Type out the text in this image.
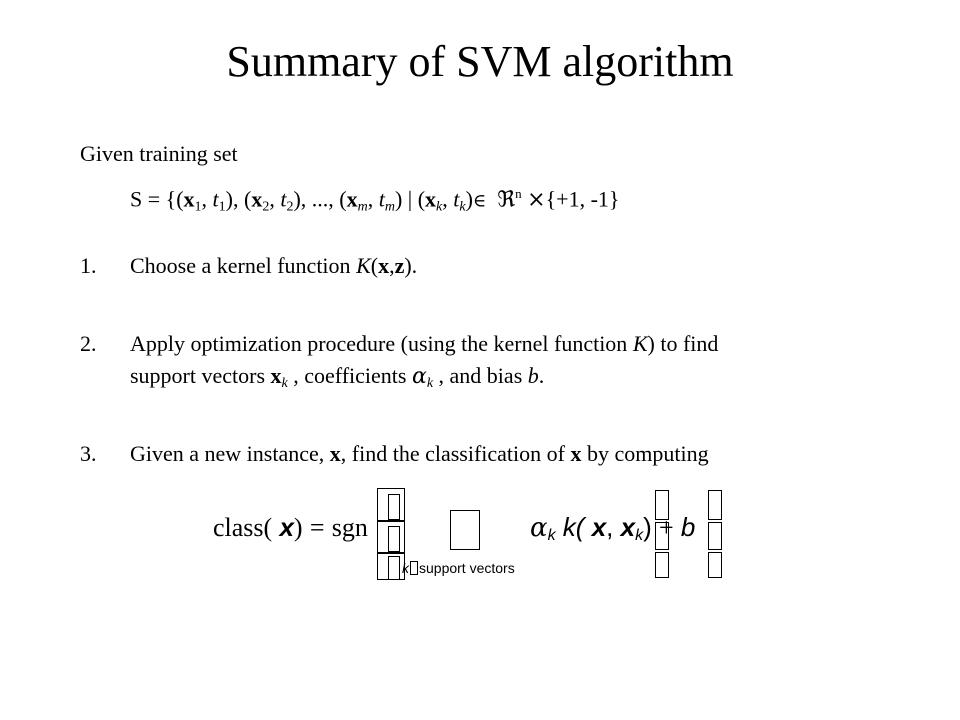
Summary of SVM algorithm
Given training set
$S = \{(x_1$, $t_1$), ($x_2$, $t_2$), ..., ($x_m$, $t_m$) | ($x_k$, $t_k)\in$ ℜ$^n$ ×{+1, -1}
1. Choose a kernel function K(x,z).
2. Apply optimization procedure (using the kernel function K) to find
support vectors $x_k$ , coefficients $\alpha_k$ , and bias b.
3. Given a new instance, x, find the classification of x by computing
class( x) = sgn
k support vectors
$\alpha_k$ k( x, $x_k) + b$
